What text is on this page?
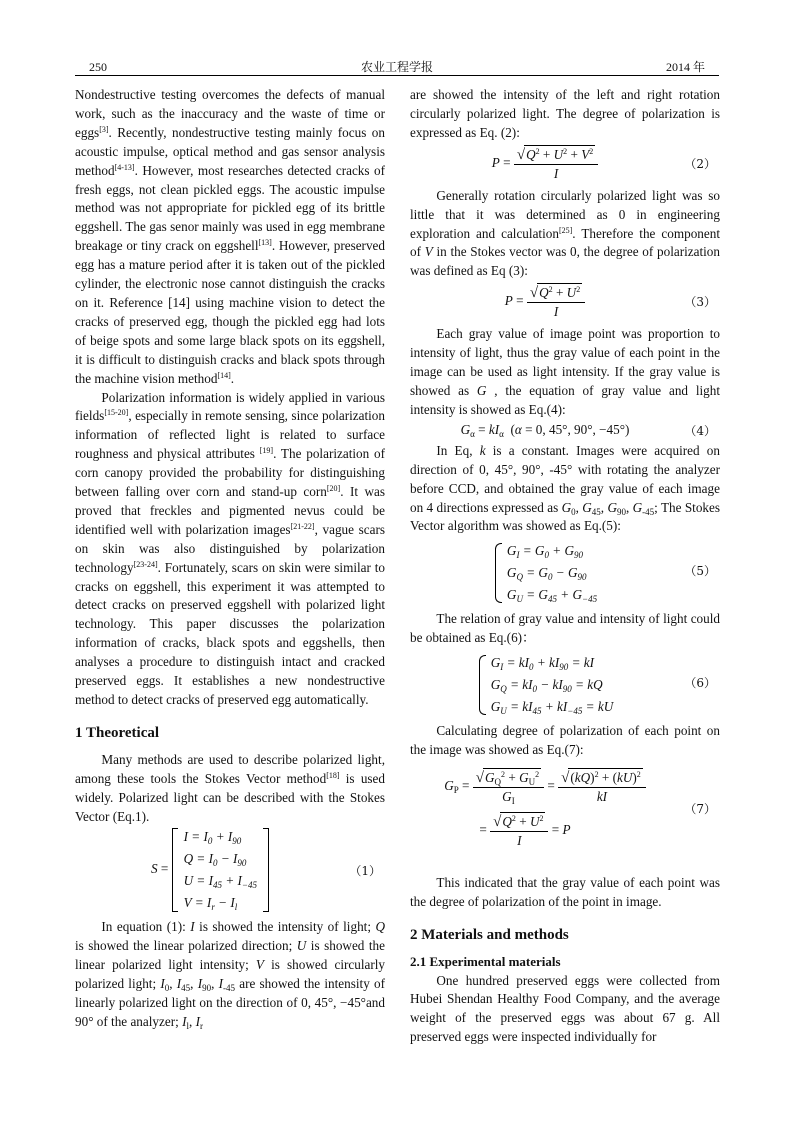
250	农业工程学报	2014 年

Nondestructive testing overcomes the defects of manual work, such as the inaccuracy and the waste of time or eggs[3]. Recently, nondestructive testing mainly focus on acoustic impulse, optical method and gas sensor analysis method[4-13]. However, most researches detected cracks of fresh eggs, not clean pickled eggs. The acoustic impulse method was not appropriate for pickled egg of its brittle eggshell. The gas senor mainly was used in egg membrane breakage or tiny crack on eggshell[13]. However, preserved egg has a mature period after it is taken out of the pickled cylinder, the electronic nose cannot distinguish the cracks on it. Reference [14] using machine vision to detect the cracks of preserved egg, though the pickled egg had lots of beige spots and some large black spots on its eggshell, it is difficult to distinguish cracks and black spots through the machine vision method[14].

Polarization information is widely applied in various fields[15-20], especially in remote sensing, since polarization information of reflected light is related to surface roughness and physical attributes [19]. The polarization of corn canopy provided the probability for distinguishing between falling over corn and stand-up corn[20]. It was proved that freckles and pigmented nevus could be identified well with polarization images[21-22], vague scars on skin was also distinguished by polarization technology[23-24]. Fortunately, scars on skin were similar to cracks on eggshell, this experiment it was attempted to detect cracks on preserved eggshell with polarized light technology. This paper discusses the polarization information of cracks, black spots and eggshells, then analyses a procedure to distinguish intact and cracked preserved eggs. It establishes a new nondestructive method to detect cracks of preserved egg automatically.

1 Theoretical

Many methods are used to describe polarized light, among these tools the Stokes Vector method[18] is used widely. Polarized light can be described with the Stokes Vector (Eq.1).

S =
$I = I_0 + I_{90}$
$Q = I_0 - I_{90}$
$U = I_{45} + I_{-45}$
$V = I_r - I_l$
（1）

In equation (1): I is showed the intensity of light; Q is showed the linear polarized direction; U is showed the linear polarized light intensity; V is showed circularly polarized light; $I_0$, $I_{45}$, $I_{90}$, $I_{-45}$ are showed the intensity of linearly polarized light on the direction of 0, 45°, −45°and 90° of the analyzer; $I_l$, $I_r$

are showed the intensity of the left and right rotation circularly polarized light. The degree of polarization is expressed as Eq. (2):

$P = \frac{√Q^2 + U^2 + V^2}{I}$	（2）

Generally rotation circularly polarized light was so little that it was determined as 0 in engineering exploration and calculation[25]. Therefore the component of V in the Stokes vector was 0, the degree of polarization was defined as Eq (3):

$P = \frac{√Q^2 + U^2}{I}$	（3）

Each gray value of image point was proportion to intensity of light, thus the gray value of each point in the image can be used as light intensity. If the gray value is showed as G , the equation of gray value and light intensity is showed as Eq.(4):

$G_\alpha = kI_\alpha$  (α = 0, 45°, 90°, −45°)	（4）

In Eq, k is a constant. Images were acquired on direction of 0, 45°, 90°, -45° with rotating the analyzer before CCD, and obtained the gray value of each image on 4 directions expressed as $G_0$, $G_{45}$, $G_{90}$, $G_{-45}$; The Stokes Vector algorithm was showed as Eq.(5):

$G_I = G_0 + G_{90}$
$G_Q = G_0 - G_{90}$
$G_U = G_{45} + G_{-45}$
（5）

The relation of gray value and intensity of light could be obtained as Eq.(6)：

$G_I = kI_0 + kI_{90}$ = kI
$G_Q = kI_0 - kI_{90}$ = kQ
$G_U = kI_{45} + kI_{-45}$ = kU
（6）

Calculating degree of polarization of each point on the image was showed as Eq.(7):

$G_P = \frac{√G_Q^2 + G_U^2}{G_I} = \frac{√(kQ)^2 + (kU)^2}{kI}$
= $\frac{√Q^2 + U^2}{I} = P$
（7）

This indicated that the gray value of each point was the degree of polarization of the point in image.

2 Materials and methods
2.1 Experimental materials

One hundred preserved eggs were collected from Hubei Shendan Healthy Food Company, and the average weight of the preserved eggs was about 67 g. All preserved eggs were inspected individually for
